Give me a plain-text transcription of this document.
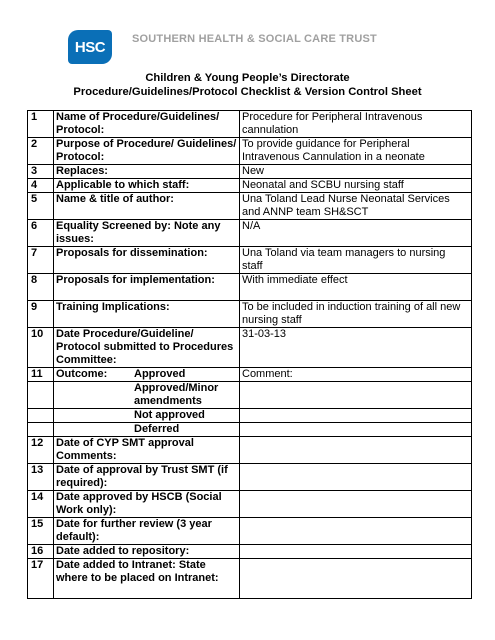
HSC	SOUTHERN HEALTH & SOCIAL CARE TRUST
Children & Young People’s Directorate
Procedure/Guidelines/Protocol Checklist & Version Control Sheet
1	Name of Procedure/Guidelines/ Protocol:	Procedure for Peripheral Intravenous cannulation
2	Purpose of Procedure/ Guidelines/ Protocol:	To provide guidance for Peripheral Intravenous Cannulation in a neonate
3	Replaces:	New
4	Applicable to which staff:	Neonatal and SCBU nursing staff
5	Name & title of author:	Una Toland Lead Nurse Neonatal Services and ANNP team SH&SCT
6	Equality Screened by: Note any issues:	N/A
7	Proposals for dissemination:	Una Toland via team managers to nursing staff
8	Proposals for implementation:	With immediate effect
9	Training Implications:	To be included in induction training of all new nursing staff
10	Date Procedure/Guideline/ Protocol submitted to Procedures Committee:	31-03-13
11	Outcome: Approved	Comment:
	Approved/Minor amendments	
	Not approved	
	Deferred	
12	Date of CYP SMT approval Comments:	
13	Date of approval by Trust SMT (if required):	
14	Date approved by HSCB (Social Work only):	
15	Date for further review (3 year default):	
16	Date added to repository:	
17	Date added to Intranet: State where to be placed on Intranet:	
